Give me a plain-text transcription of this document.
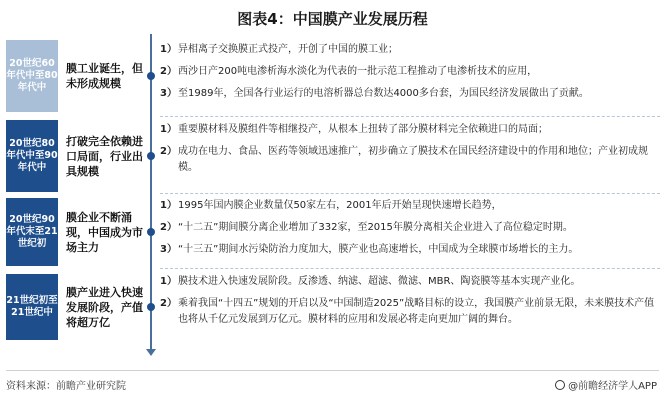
图表4：中国膜产业发展历程
20世纪60年代中至80年代中
膜工业诞生，但未形成规模
1） 异相离子交换膜正式投产，开创了中国的膜工业；
2） 西沙日产200吨电渗析海水淡化为代表的一批示范工程推动了电渗析技术的应用，
3） 至1989年，全国各行业运行的电溶析器总台数达4000多台套，为国民经济发展做出了贡献。
20世纪80年代中至90年代中
打破完全依赖进口局面，行业出具规模
1） 重要膜材料及膜组件等相继投产，从根本上扭转了部分膜材料完全依赖进口的局面；
2） 成功在电力、食品、医药等领域迅速推广，初步确立了膜技术在国民经济建设中的作用和地位；产业初成规模。
20世纪90年代末至21世纪初
膜企业不断涌现，中国成为市场主力
1） 1995年国内膜企业数量仅50家左右，2001年后开始呈现快速增长趋势，
2） “十二五”期间膜分离企业增加了332家，至2015年膜分离相关企业进入了高位稳定时期。
3） “十三五”期间水污染防治力度加大，膜产业也高速增长，中国成为全球膜市场增长的主力。
21世纪初至21世纪中
膜产业进入快速发展阶段，产值将超万亿
1） 膜技术进入快速发展阶段。反渗透、纳滤、超滤、微滤、MBR、陶瓷膜等基本实现产业化。
2） 乘着我国“十四五”规划的开启以及“中国制造2025”战略目标的设立，我国膜产业前景无限，未来膜技术产值也将从千亿元发展到万亿元。膜材料的应用和发展必将走向更加广阔的舞台。
资料来源：前瞻产业研究院	@前瞻经济学人APP
